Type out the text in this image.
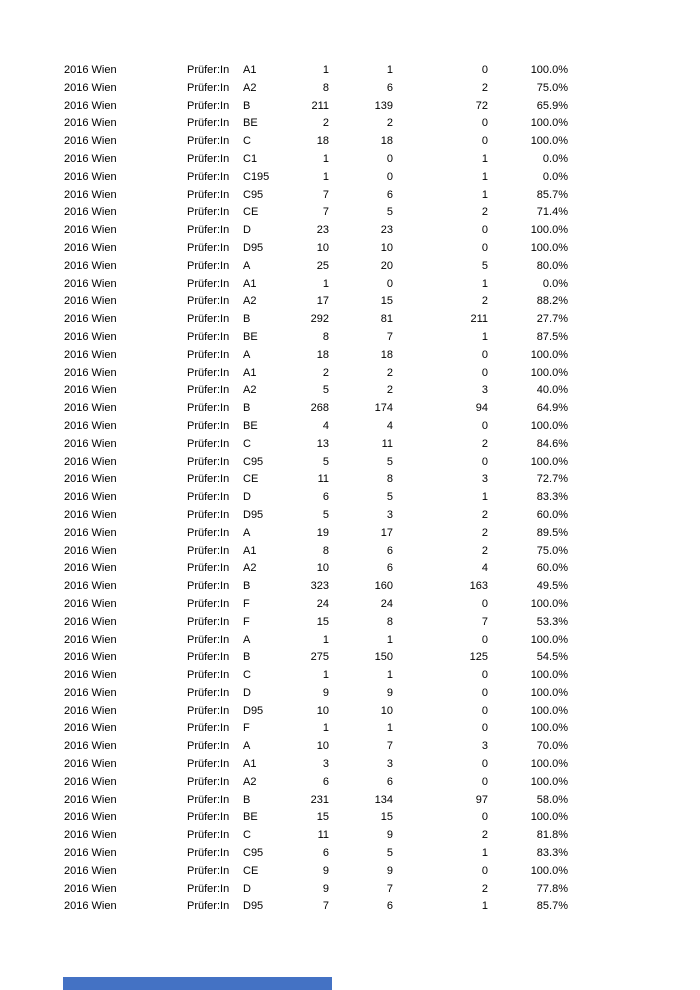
2016 Wien	Prüfer:In	A1	1	1	0	100.0%
2016 Wien	Prüfer:In	A2	8	6	2	75.0%
2016 Wien	Prüfer:In	B	211	139	72	65.9%
2016 Wien	Prüfer:In	BE	2	2	0	100.0%
2016 Wien	Prüfer:In	C	18	18	0	100.0%
2016 Wien	Prüfer:In	C1	1	0	1	0.0%
2016 Wien	Prüfer:In	C195	1	0	1	0.0%
2016 Wien	Prüfer:In	C95	7	6	1	85.7%
2016 Wien	Prüfer:In	CE	7	5	2	71.4%
2016 Wien	Prüfer:In	D	23	23	0	100.0%
2016 Wien	Prüfer:In	D95	10	10	0	100.0%
2016 Wien	Prüfer:In	A	25	20	5	80.0%
2016 Wien	Prüfer:In	A1	1	0	1	0.0%
2016 Wien	Prüfer:In	A2	17	15	2	88.2%
2016 Wien	Prüfer:In	B	292	81	211	27.7%
2016 Wien	Prüfer:In	BE	8	7	1	87.5%
2016 Wien	Prüfer:In	A	18	18	0	100.0%
2016 Wien	Prüfer:In	A1	2	2	0	100.0%
2016 Wien	Prüfer:In	A2	5	2	3	40.0%
2016 Wien	Prüfer:In	B	268	174	94	64.9%
2016 Wien	Prüfer:In	BE	4	4	0	100.0%
2016 Wien	Prüfer:In	C	13	11	2	84.6%
2016 Wien	Prüfer:In	C95	5	5	0	100.0%
2016 Wien	Prüfer:In	CE	11	8	3	72.7%
2016 Wien	Prüfer:In	D	6	5	1	83.3%
2016 Wien	Prüfer:In	D95	5	3	2	60.0%
2016 Wien	Prüfer:In	A	19	17	2	89.5%
2016 Wien	Prüfer:In	A1	8	6	2	75.0%
2016 Wien	Prüfer:In	A2	10	6	4	60.0%
2016 Wien	Prüfer:In	B	323	160	163	49.5%
2016 Wien	Prüfer:In	F	24	24	0	100.0%
2016 Wien	Prüfer:In	F	15	8	7	53.3%
2016 Wien	Prüfer:In	A	1	1	0	100.0%
2016 Wien	Prüfer:In	B	275	150	125	54.5%
2016 Wien	Prüfer:In	C	1	1	0	100.0%
2016 Wien	Prüfer:In	D	9	9	0	100.0%
2016 Wien	Prüfer:In	D95	10	10	0	100.0%
2016 Wien	Prüfer:In	F	1	1	0	100.0%
2016 Wien	Prüfer:In	A	10	7	3	70.0%
2016 Wien	Prüfer:In	A1	3	3	0	100.0%
2016 Wien	Prüfer:In	A2	6	6	0	100.0%
2016 Wien	Prüfer:In	B	231	134	97	58.0%
2016 Wien	Prüfer:In	BE	15	15	0	100.0%
2016 Wien	Prüfer:In	C	11	9	2	81.8%
2016 Wien	Prüfer:In	C95	6	5	1	83.3%
2016 Wien	Prüfer:In	CE	9	9	0	100.0%
2016 Wien	Prüfer:In	D	9	7	2	77.8%
2016 Wien	Prüfer:In	D95	7	6	1	85.7%
